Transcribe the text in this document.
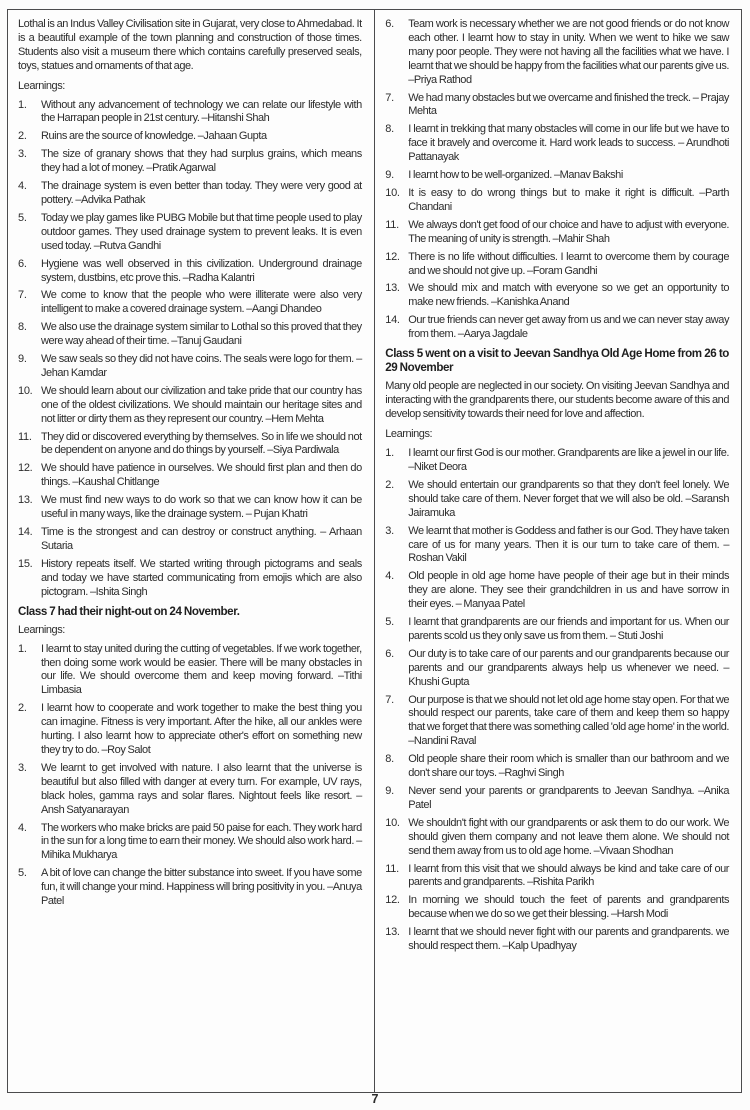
Lothal is an Indus Valley Civilisation site in Gujarat, very close to Ahmedabad. It is a beautiful example of the town planning and construction of those times. Students also visit a museum there which contains carefully preserved seals, toys, statues and ornaments of that age.
Learnings:
1.	Without any advancement of technology we can relate our lifestyle with the Harrapan people in 21st century. –Hitanshi Shah
2.	Ruins are the source of knowledge. –Jahaan Gupta
3.	The size of granary shows that they had surplus grains, which means they had a lot of money. –Pratik Agarwal
4.	The drainage system is even better than today. They were very good at pottery. –Advika Pathak
5.	Today we play games like PUBG Mobile but that time people used to play outdoor games. They used drainage system to prevent leaks. It is even used today. –Rutva Gandhi
6.	Hygiene was well observed in this civilization. Underground drainage system, dustbins, etc prove this. –Radha Kalantri
7.	We come to know that the people who were illiterate were also very intelligent to make a covered drainage system. –Aangi Dhandeo
8.	We also use the drainage system similar to Lothal so this proved that they were way ahead of their time. –Tanuj Gaudani
9.	We saw seals so they did not have coins. The seals were logo for them. –Jehan Kamdar
10. We should learn about our civilization and take pride that our country has one of the oldest civilizations. We should maintain our heritage sites and not litter or dirty them as they represent our country. –Hem Mehta
11. They did or discovered everything by themselves. So in life we should not be dependent on anyone and do things by yourself. –Siya Pardiwala
12. We should have patience in ourselves. We should first plan and then do things. –Kaushal Chitlange
13. We must find new ways to do work so that we can know how it can be useful in many ways, like the drainage system. – Pujan Khatri
14. Time is the strongest and can destroy or construct anything. – Arhaan Sutaria
15. History repeats itself. We started writing through pictograms and seals and today we have started communicating from emojis which are also pictogram. –Ishita Singh
Class 7 had their night-out on 24 November.
Learnings:
1.	I learnt to stay united during the cutting of vegetables. If we work together, then doing some work would be easier. There will be many obstacles in our life. We should overcome them and keep moving forward. –Tithi Limbasia
2.	I learnt how to cooperate and work together to make the best thing you can imagine. Fitness is very important. After the hike, all our ankles were hurting. I also learnt how to appreciate other's effort on something new they try to do. –Roy Salot
3.	We learnt to get involved with nature. I also learnt that the universe is beautiful but also filled with danger at every turn. For example, UV rays, black holes, gamma rays and solar flares. Nightout feels like resort. –Ansh Satyanarayan
4.	The workers who make bricks are paid 50 paise for each. They work hard in the sun for a long time to earn their money. We should also work hard. –Mihika Mukharya
5.	A bit of love can change the bitter substance into sweet. If you have some fun, it will change your mind. Happiness will bring positivity in you. –Anuya Patel
6.	Team work is necessary whether we are not good friends or do not know each other. I learnt how to stay in unity. When we went to hike we saw many poor people. They were not having all the facilities what we have. I learnt that we should be happy from the facilities what our parents give us. –Priya Rathod
7.	We had many obstacles but we overcame and finished the treck. – Prajay Mehta
8.	I learnt in trekking that many obstacles will come in our life but we have to face it bravely and overcome it. Hard work leads to success. – Arundhoti Pattanayak
9.	I learnt how to be well-organized. –Manav Bakshi
10. It is easy to do wrong things but to make it right is difficult. –Parth Chandani
11. We always don't get food of our choice and have to adjust with everyone. The meaning of unity is strength. –Mahir Shah
12. There is no life without difficulties. I learnt to overcome them by courage and we should not give up. –Foram Gandhi
13. We should mix and match with everyone so we get an opportunity to make new friends. –Kanishka Anand
14. Our true friends can never get away from us and we can never stay away from them. –Aarya Jagdale
Class 5 went on a visit to Jeevan Sandhya Old Age Home from 26 to 29 November
Many old people are neglected in our society. On visiting Jeevan Sandhya and interacting with the grandparents there, our students become aware of this and develop sensitivity towards their need for love and affection.
Learnings:
1.	I learnt our first God is our mother. Grandparents are like a jewel in our life. –Niket Deora
2.	We should entertain our grandparents so that they don't feel lonely. We should take care of them. Never forget that we will also be old. –Saransh Jairamuka
3.	We learnt that mother is Goddess and father is our God. They have taken care of us for many years. Then it is our turn to take care of them. – Roshan Vakil
4.	Old people in old age home have people of their age but in their minds they are alone. They see their grandchildren in us and have sorrow in their eyes. – Manyaa Patel
5.	I learnt that grandparents are our friends and important for us. When our parents scold us they only save us from them. – Stuti Joshi
6.	Our duty is to take care of our parents and our grandparents because our parents and our grandparents always help us whenever we need. – Khushi Gupta
7.	Our purpose is that we should not let old age home stay open. For that we should respect our parents, take care of them and keep them so happy that we forget that there was something called 'old age home' in the world. –Nandini Raval
8.	Old people share their room which is smaller than our bathroom and we don't share our toys. –Raghvi Singh
9.	Never send your parents or grandparents to Jeevan Sandhya. –Anika Patel
10. We shouldn't fight with our grandparents or ask them to do our work. We should given them company and not leave them alone. We should not send them away from us to old age home. –Vivaan Shodhan
11. I learnt from this visit that we should always be kind and take care of our parents and grandparents. –Rishita Parikh
12. In morning we should touch the feet of parents and grandparents because when we do so we get their blessing. –Harsh Modi
13. I learnt that we should never fight with our parents and grandparents. we should respect them. –Kalp Upadhyay
7
